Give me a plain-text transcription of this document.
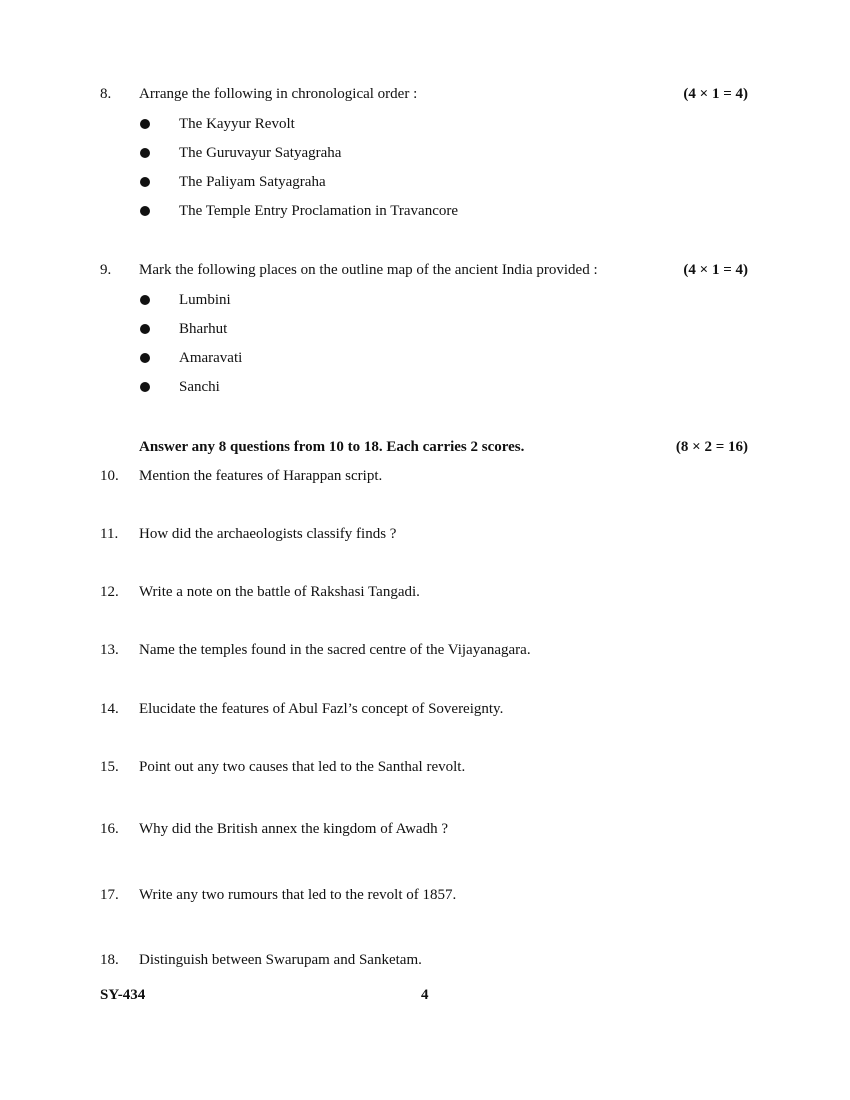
8. Arrange the following in chronological order :	(4 × 1 = 4)
The Kayyur Revolt
The Guruvayur Satyagraha
The Paliyam Satyagraha
The Temple Entry Proclamation in Travancore
9. Mark the following places on the outline map of the ancient India provided :	(4 × 1 = 4)
Lumbini
Bharhut
Amaravati
Sanchi
Answer any 8 questions from 10 to 18. Each carries 2 scores.	(8 × 2 = 16)
10. Mention the features of Harappan script.
11. How did the archaeologists classify finds ?
12. Write a note on the battle of Rakshasi Tangadi.
13. Name the temples found in the sacred centre of the Vijayanagara.
14. Elucidate the features of Abul Fazl’s concept of Sovereignty.
15. Point out any two causes that led to the Santhal revolt.
16. Why did the British annex the kingdom of Awadh ?
17. Write any two rumours that led to the revolt of 1857.
18. Distinguish between Swarupam and Sanketam.
SY-434	4
